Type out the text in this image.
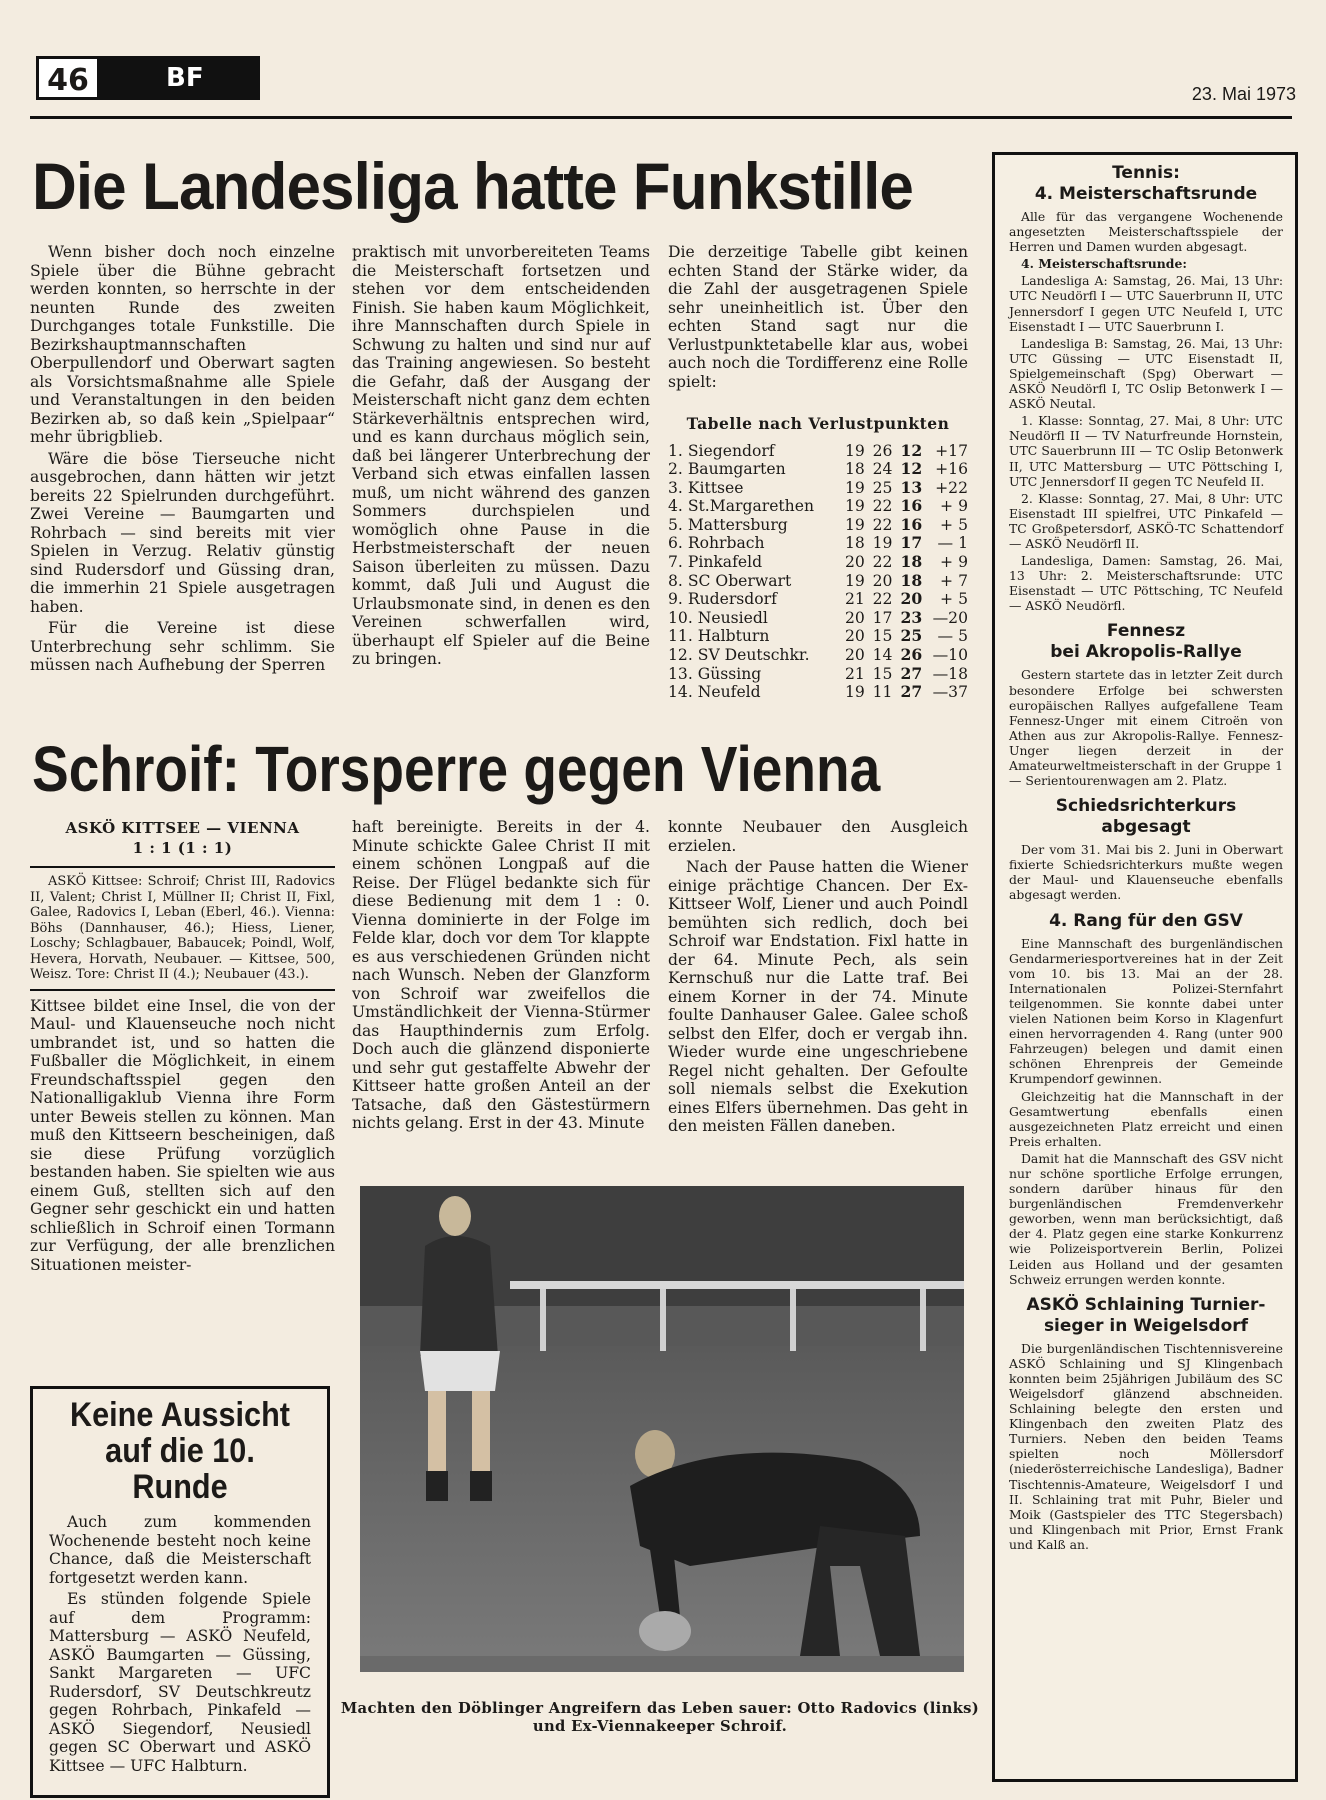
46	BF
23. Mai 1973
Die Landesliga hatte Funkstille

Wenn bisher doch noch einzelne Spiele über die Bühne gebracht werden konnten, so herrschte in der neunten Runde des zweiten Durchganges totale Funkstille. Die Bezirkshauptmannschaften Oberpullendorf und Oberwart sagten als Vorsichtsmaßnahme alle Spiele und Veranstaltungen in den beiden Bezirken ab, so daß kein „Spielpaar“ mehr übrigblieb.

Wäre die böse Tierseuche nicht ausgebrochen, dann hätten wir jetzt bereits 22 Spielrunden durchgeführt. Zwei Vereine — Baumgarten und Rohrbach — sind bereits mit vier Spielen in Verzug. Relativ günstig sind Rudersdorf und Güssing dran, die immerhin 21 Spiele ausgetragen haben.

Für die Vereine ist diese Unterbrechung sehr schlimm. Sie müssen nach Aufhebung der Sperren

praktisch mit unvorbereiteten Teams die Meisterschaft fortsetzen und stehen vor dem entscheidenden Finish. Sie haben kaum Möglichkeit, ihre Mannschaften durch Spiele in Schwung zu halten und sind nur auf das Training angewiesen. So besteht die Gefahr, daß der Ausgang der Meisterschaft nicht ganz dem echten Stärkeverhältnis entsprechen wird, und es kann durchaus möglich sein, daß bei längerer Unterbrechung der Verband sich etwas einfallen lassen muß, um nicht während des ganzen Sommers durchspielen und womöglich ohne Pause in die Herbstmeisterschaft der neuen Saison überleiten zu müssen. Dazu kommt, daß Juli und August die Urlaubsmonate sind, in denen es den Vereinen schwerfallen wird, überhaupt elf Spieler auf die Beine zu bringen.

Die derzeitige Tabelle gibt keinen echten Stand der Stärke wider, da die Zahl der ausgetragenen Spiele sehr uneinheitlich ist. Über den echten Stand sagt nur die Verlustpunktetabelle klar aus, wobei auch noch die Tordifferenz eine Rolle spielt:

Tabelle nach Verlustpunkten
1. Siegendorf	19	26	12	+17
2. Baumgarten	18	24	12	+16
3. Kittsee	19	25	13	+22
4. St.Margarethen	19	22	16	+ 9
5. Mattersburg	19	22	16	+ 5
6. Rohrbach	18	19	17	— 1
7. Pinkafeld	20	22	18	+ 9
8. SC Oberwart	19	20	18	+ 7
9. Rudersdorf	21	22	20	+ 5
10. Neusiedl	20	17	23	—20
11. Halbturn	20	15	25	— 5
12. SV Deutschkr.	20	14	26	—10
13. Güssing	21	15	27	—18
14. Neufeld	19	11	27	—37
Schroif: Torsperre gegen Vienna
ASKÖ KITTSEE — VIENNA
1 : 1 (1 : 1)

ASKÖ Kittsee: Schroif; Christ III, Radovics II, Valent; Christ I, Müllner II; Christ II, Fixl, Galee, Radovics I, Leban (Eberl, 46.). Vienna: Böhs (Dannhauser, 46.); Hiess, Liener, Loschy; Schlagbauer, Babaucek; Poindl, Wolf, Hevera, Horvath, Neubauer. — Kittsee, 500, Weisz. Tore: Christ II (4.); Neubauer (43.).

Kittsee bildet eine Insel, die von der Maul- und Klauenseuche noch nicht umbrandet ist, und so hatten die Fußballer die Möglichkeit, in einem Freundschaftsspiel gegen den Nationalligaklub Vienna ihre Form unter Beweis stellen zu können. Man muß den Kittseern bescheinigen, daß sie diese Prüfung vorzüglich bestanden haben. Sie spielten wie aus einem Guß, stellten sich auf den Gegner sehr geschickt ein und hatten schließlich in Schroif einen Tormann zur Verfügung, der alle brenzlichen Situationen meister-

haft bereinigte. Bereits in der 4. Minute schickte Galee Christ II mit einem schönen Longpaß auf die Reise. Der Flügel bedankte sich für diese Bedienung mit dem 1 : 0. Vienna dominierte in der Folge im Felde klar, doch vor dem Tor klappte es aus verschiedenen Gründen nicht nach Wunsch. Neben der Glanzform von Schroif war zweifellos die Umständlichkeit der Vienna-Stürmer das Haupthindernis zum Erfolg. Doch auch die glänzend disponierte und sehr gut gestaffelte Abwehr der Kittseer hatte großen Anteil an der Tatsache, daß den Gästestürmern nichts gelang. Erst in der 43. Minute

konnte Neubauer den Ausgleich erzielen.

Nach der Pause hatten die Wiener einige prächtige Chancen. Der Ex-Kittseer Wolf, Liener und auch Poindl bemühten sich redlich, doch bei Schroif war Endstation. Fixl hatte in der 64. Minute Pech, als sein Kernschuß nur die Latte traf. Bei einem Korner in der 74. Minute foulte Danhauser Galee. Galee schoß selbst den Elfer, doch er vergab ihn. Wieder wurde eine ungeschriebene Regel nicht gehalten. Der Gefoulte soll niemals selbst die Exekution eines Elfers übernehmen. Das geht in den meisten Fällen daneben.

Machten den Döblinger Angreifern das Leben sauer: Otto Radovics (links) und Ex-Viennakeeper Schroif.
Keine Aussicht auf die 10. Runde

Auch zum kommenden Wochenende besteht noch keine Chance, daß die Meisterschaft fortgesetzt werden kann.

Es stünden folgende Spiele auf dem Programm: Mattersburg — ASKÖ Neufeld, ASKÖ Baumgarten — Güssing, Sankt Margareten — UFC Rudersdorf, SV Deutschkreutz gegen Rohrbach, Pinkafeld — ASKÖ Siegendorf, Neusiedl gegen SC Oberwart und ASKÖ Kittsee — UFC Halbturn.

Tennis:
4. Meisterschaftsrunde

Alle für das vergangene Wochenende angesetzten Meisterschaftsspiele der Herren und Damen wurden abgesagt.

4. Meisterschaftsrunde:

Landesliga A: Samstag, 26. Mai, 13 Uhr: UTC Neudörfl I — UTC Sauerbrunn II, UTC Jennersdorf I gegen UTC Neufeld I, UTC Eisenstadt I — UTC Sauerbrunn I.

Landesliga B: Samstag, 26. Mai, 13 Uhr: UTC Güssing — UTC Eisenstadt II, Spielgemeinschaft (Spg) Oberwart — ASKÖ Neudörfl I, TC Oslip Betonwerk I — ASKÖ Neutal.

1. Klasse: Sonntag, 27. Mai, 8 Uhr: UTC Neudörfl II — TV Naturfreunde Hornstein, UTC Sauerbrunn III — TC Oslip Betonwerk II, UTC Mattersburg — UTC Pöttsching I, UTC Jennersdorf II gegen TC Neufeld II.

2. Klasse: Sonntag, 27. Mai, 8 Uhr: UTC Eisenstadt III spielfrei, UTC Pinkafeld — TC Großpetersdorf, ASKÖ-TC Schattendorf — ASKÖ Neudörfl II.

Landesliga, Damen: Samstag, 26. Mai, 13 Uhr: 2. Meisterschaftsrunde: UTC Eisenstadt — UTC Pöttsching, TC Neufeld — ASKÖ Neudörfl.

Fennesz
bei Akropolis-Rallye

Gestern startete das in letzter Zeit durch besondere Erfolge bei schwersten europäischen Rallyes aufgefallene Team Fennesz-Unger mit einem Citroën von Athen aus zur Akropolis-Rallye. Fennesz-Unger liegen derzeit in der Amateurweltmeisterschaft in der Gruppe 1 — Serientourenwagen am 2. Platz.

Schiedsrichterkurs
abgesagt

Der vom 31. Mai bis 2. Juni in Oberwart fixierte Schiedsrichterkurs mußte wegen der Maul- und Klauenseuche ebenfalls abgesagt werden.

4. Rang für den GSV

Eine Mannschaft des burgenländischen Gendarmeriesportvereines hat in der Zeit vom 10. bis 13. Mai an der 28. Internationalen Polizei-Sternfahrt teilgenommen. Sie konnte dabei unter vielen Nationen beim Korso in Klagenfurt einen hervorragenden 4. Rang (unter 900 Fahrzeugen) belegen und damit einen schönen Ehrenpreis der Gemeinde Krumpendorf gewinnen.

Gleichzeitig hat die Mannschaft in der Gesamtwertung ebenfalls einen ausgezeichneten Platz erreicht und einen Preis erhalten.

Damit hat die Mannschaft des GSV nicht nur schöne sportliche Erfolge errungen, sondern darüber hinaus für den burgenländischen Fremdenverkehr geworben, wenn man berücksichtigt, daß der 4. Platz gegen eine starke Konkurrenz wie Polizeisportverein Berlin, Polizei Leiden aus Holland und der gesamten Schweiz errungen werden konnte.

ASKÖ Schlaining Turnier-
sieger in Weigelsdorf

Die burgenländischen Tischtennisvereine ASKÖ Schlaining und SJ Klingenbach konnten beim 25jährigen Jubiläum des SC Weigelsdorf glänzend abschneiden. Schlaining belegte den ersten und Klingenbach den zweiten Platz des Turniers. Neben den beiden Teams spielten noch Möllersdorf (niederösterreichische Landesliga), Badner Tischtennis-Amateure, Weigelsdorf I und II. Schlaining trat mit Puhr, Bieler und Moik (Gastspieler des TTC Stegersbach) und Klingenbach mit Prior, Ernst Frank und Kalß an.
